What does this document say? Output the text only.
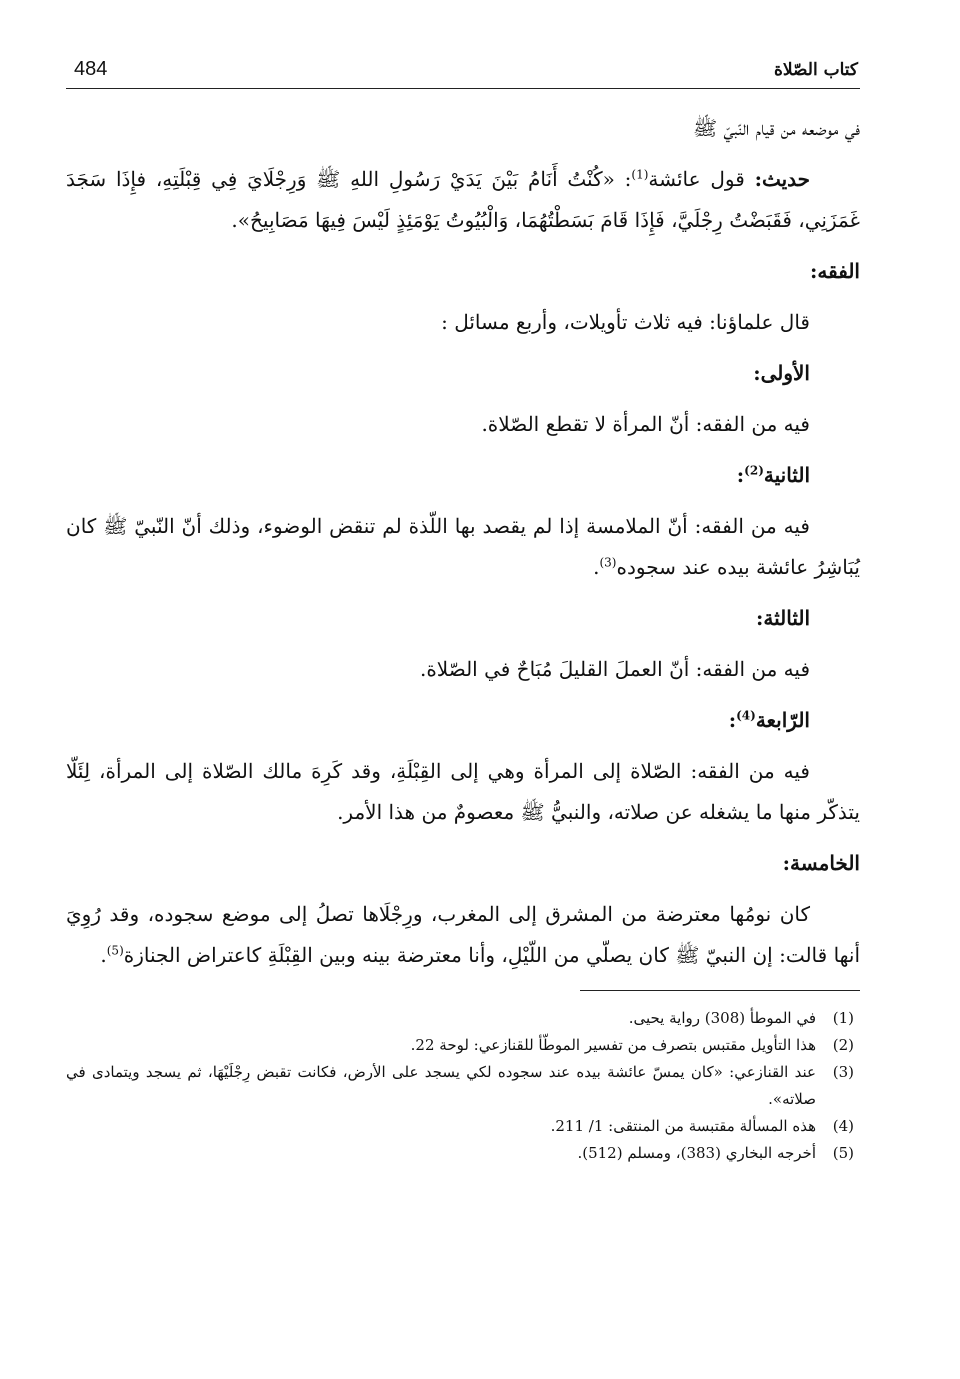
كتاب الصّلاة
484

في موضعه من قيام النّبيّ ﷺ

حديث: قول عائشة$^{(1)}$: «كُنْتُ أَنَامُ بَيْنَ يَدَيْ رَسُولِ اللهِ ﷺ وَرِجْلَايَ فِي قِبْلَتِهِ، فإِذَا سَجَدَ غَمَزَنِي، فَقَبَضْتُ رِجْلَيَّ، فَإِذَا قَامَ بَسَطْتُهُمَا، وَالْبُيُوتُ يَوْمَئِذٍ لَيْسَ فِيهَا مَصَابِيحُ».

الفقه:

قال علماؤنا: فيه ثلاث تأويلات، وأربع مسائل :

الأولى:

فيه من الفقه: أنّ المرأة لا تقطع الصّلاة.

الثانية$^{(2)}$:

فيه من الفقه: أنّ الملامسة إذا لم يقصد بها اللّذة لم تنقض الوضوء، وذلك أنّ النّبيّ ﷺ كان يُبَاشِرُ عائشة بيده عند سجوده$^{(3)}$.

الثالثة:

فيه من الفقه: أنّ العملَ القليلَ مُبَاحٌ في الصّلاة.

الرّابعة$^{(4)}$:

فيه من الفقه: الصّلاة إلى المرأة وهي إلى القِبْلَةِ، وقد كَرِهَ مالك الصّلاة إلى المرأة، لِئَلّا يتذكّر منها ما يشغله عن صلاته، والنبيُّ ﷺ معصومٌ من هذا الأمر.

الخامسة:

كان نومُها معترضة من المشرق إلى المغرب، ورِجْلَاها تصلُ إلى موضع سجوده، وقد رُوِيَ أنها قالت: إن النبيّ ﷺ كان يصلّي من اللّيْلِ، وأنا معترضة بينه وبين القِبْلَةِ كاعتراض الجنازة$^{(5)}$.

(1)
في الموطأ (308) رواية يحيى.
(2)
هذا التأويل مقتبس بتصرف من تفسير الموطّأ للقنازعي: لوحة 22.
(3)
عند القنازعي: «كان يمسّ عائشة بيده عند سجوده لكي يسجد على الأرض، فكانت تقبض رِجْلَيْهَا، ثم يسجد ويتمادى في صلاته».
(4)
هذه المسألة مقتبسة من المنتقى: 1/ 211.
(5)
أخرجه البخاري (383)، ومسلم (512).
